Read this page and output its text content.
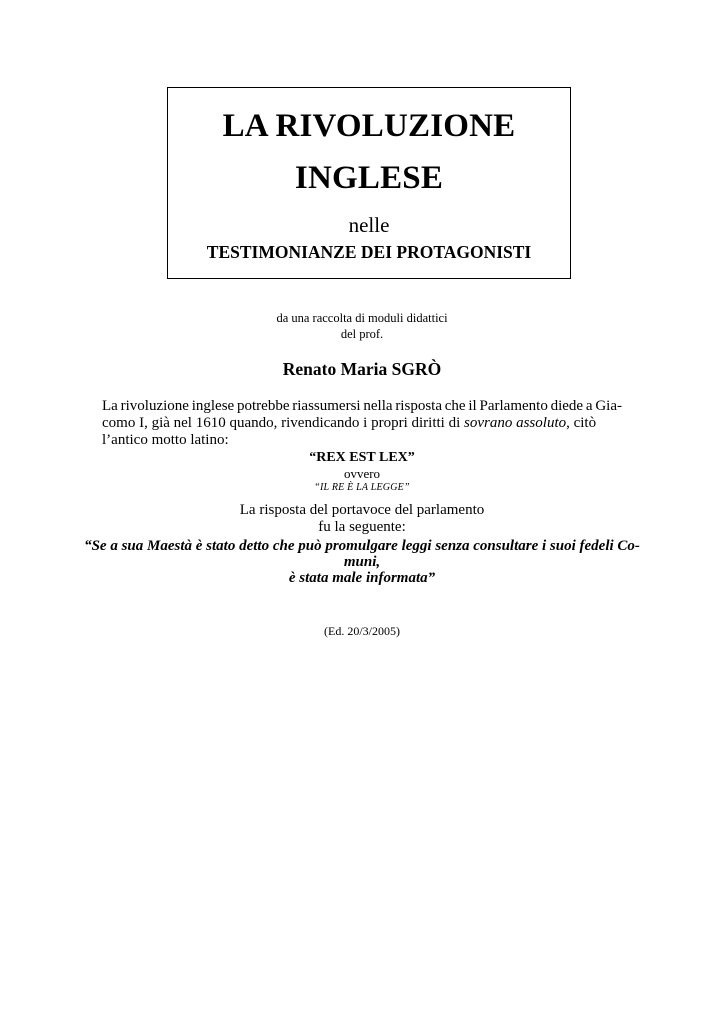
LA RIVOLUZIONE
INGLESE
nelle
TESTIMONIANZE DEI PROTAGONISTI
da una raccolta di moduli didattici
del prof.
Renato Maria SGRÒ
La rivoluzione inglese potrebbe riassumersi nella risposta che il Parlamento diede a Gia-
como I, già nel 1610 quando, rivendicando i propri diritti di sovrano assoluto, citò
l’antico motto latino:
“REX EST LEX”
ovvero
“IL RE È LA LEGGE”
La risposta del portavoce del parlamento
fu la seguente:
“Se a sua Maestà è stato detto che può promulgare leggi senza consultare i suoi fedeli Co-
muni,
è stata male informata”
(Ed. 20/3/2005)
